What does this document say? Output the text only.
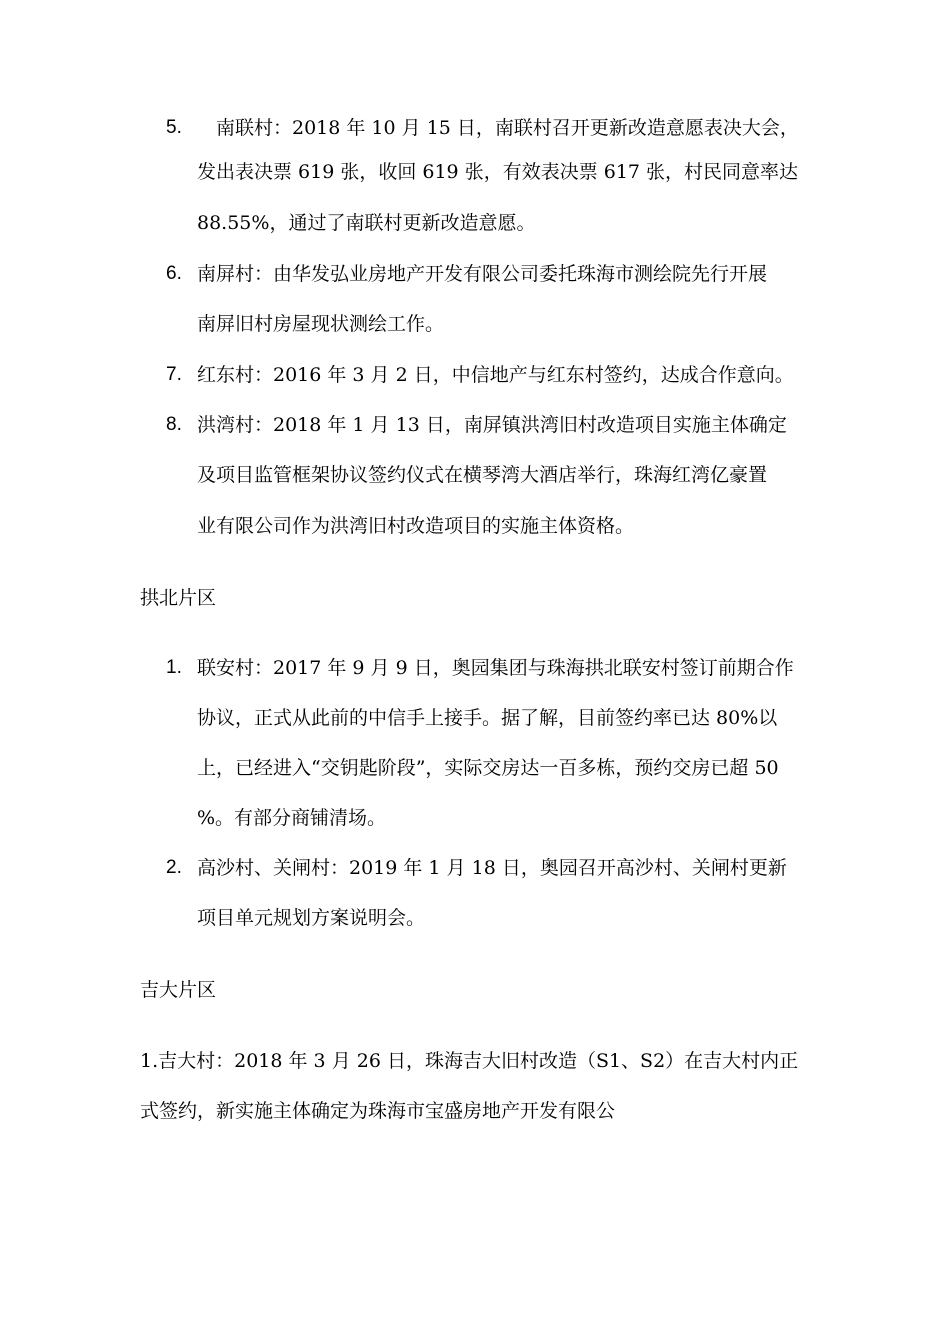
5. 南联村：2018 年 10 月 15 日，南联村召开更新改造意愿表决大会，
发出表决票 619 张，收回 619 张，有效表决票 617 张，村民同意率达
88.55%，通过了南联村更新改造意愿。
6. 南屏村：由华发弘业房地产开发有限公司委托珠海市测绘院先行开展
南屏旧村房屋现状测绘工作。
7. 红东村：2016 年 3 月 2 日，中信地产与红东村签约，达成合作意向。
8. 洪湾村：2018 年 1 月 13 日，南屏镇洪湾旧村改造项目实施主体确定
及项目监管框架协议签约仪式在横琴湾大酒店举行，珠海红湾亿豪置
业有限公司作为洪湾旧村改造项目的实施主体资格。
拱北片区
1. 联安村：2017 年 9 月 9 日，奥园集团与珠海拱北联安村签订前期合作
协议，正式从此前的中信手上接手。据了解，目前签约率已达 80%以
上，已经进入“交钥匙阶段”，实际交房达一百多栋，预约交房已超 50
%。有部分商铺清场。
2. 高沙村、关闸村：2019 年 1 月 18 日，奥园召开高沙村、关闸村更新
项目单元规划方案说明会。
吉大片区
1.吉大村：2018 年 3 月 26 日，珠海吉大旧村改造（S1、S2）在吉大村内正
式签约，新实施主体确定为珠海市宝盛房地产开发有限公
